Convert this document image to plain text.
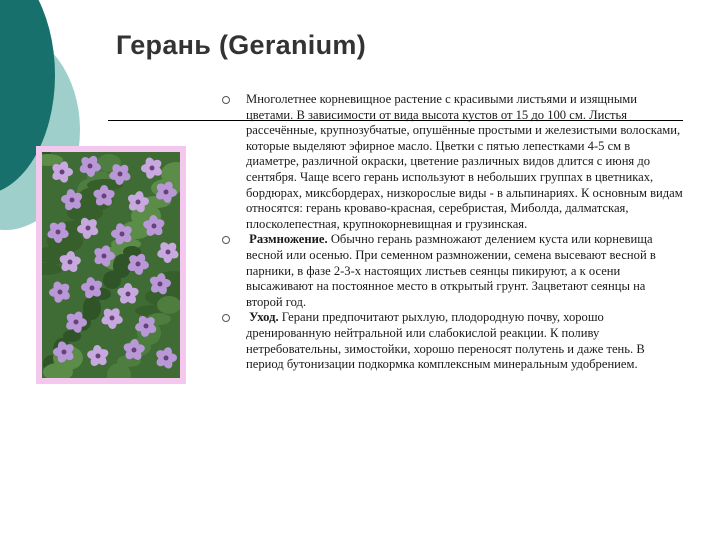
Герань (Geranium)
Многолетнее корневищное растение с красивыми листьями и изящными цветами. В зависимости от вида высота кустов от 15 до 100 см. Листья рассечённые, крупнозубчатые, опушённые простыми и железистыми волосками, которые выделяют эфирное масло. Цветки с пятью лепестками 4-5 см в диаметре, различной окраски, цветение различных видов длится с июня до сентября. Чаще всего герань используют в небольших группах в цветниках, бордюрах, миксбордерах, низкорослые виды - в альпинариях. К основным видам относятся: герань кроваво-красная, серебристая, Миболда, далматская, плосколепестная, крупнокорневищная и грузинская.
Размножение. Обычно герань размножают делением куста или корневища весной или осенью. При семенном размножении, семена высевают весной в парники, в фазе 2-3-х настоящих листьев сеянцы пикируют, а к осени высаживают на постоянное место в открытый грунт. Зацветают сеянцы на второй год.
Уход. Герани предпочитают рыхлую, плодородную почву, хорошо дренированную нейтральной или слабокислой реакции. К поливу нетребовательны, зимостойки, хорошо переносят полутень и даже тень. В период бутонизации подкормка комплексным минеральным удобрением.
